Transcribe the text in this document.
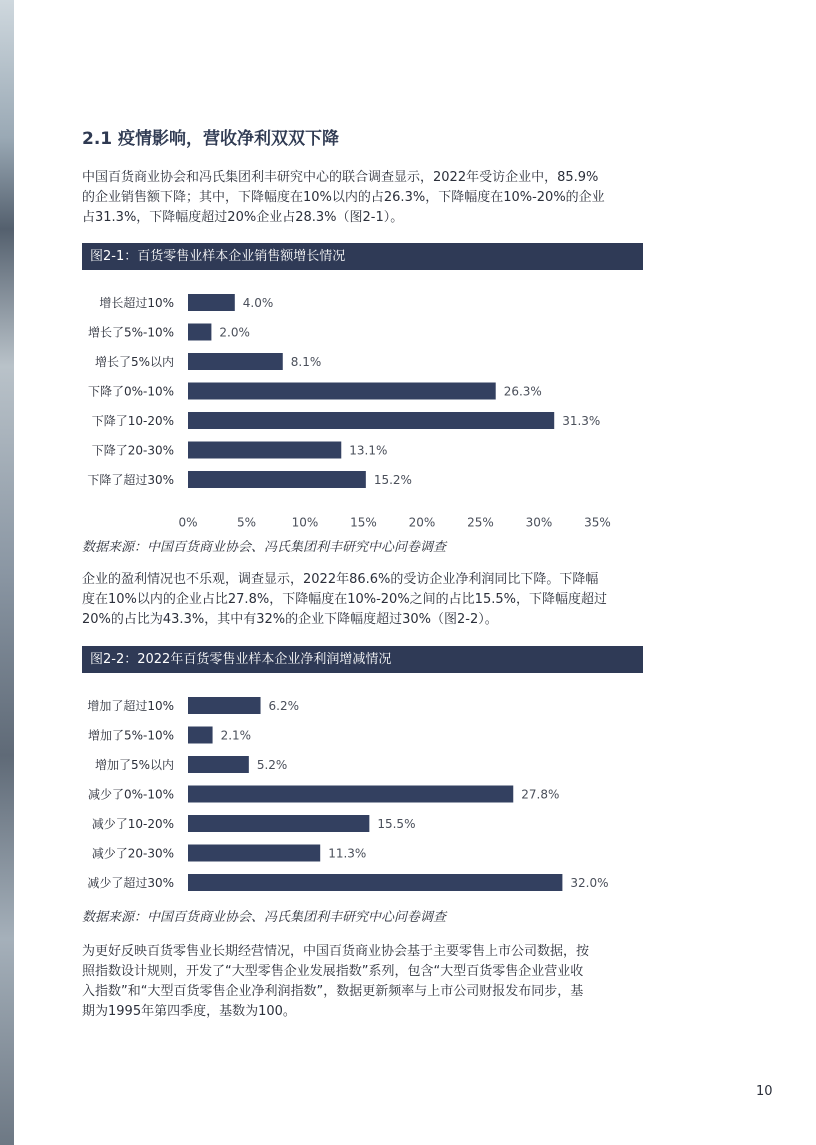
2.1 疫情影响，营收净利双双下降
中国百货商业协会和冯氏集团利丰研究中心的联合调查显示，2022年受访企业中，85.9%
的企业销售额下降；其中，下降幅度在10%以内的占26.3%，下降幅度在10%-20%的企业
占31.3%，下降幅度超过20%企业占28.3%（图2-1）。
图2-1：百货零售业样本企业销售额增长情况
增长超过10%	4.0%
增长了5%-10%	2.0%
增长了5%以内	8.1%
下降了0%-10%	26.3%
下降了10-20%	31.3%
下降了20-30%	13.1%
下降了超过30%	15.2%
0%	5%	10%	15%	20%	25%	30%	35%
数据来源：中国百货商业协会、冯氏集团利丰研究中心问卷调查
企业的盈利情况也不乐观，调查显示，2022年86.6%的受访企业净利润同比下降。下降幅
度在10%以内的企业占比27.8%，下降幅度在10%-20%之间的占比15.5%，下降幅度超过
20%的占比为43.3%，其中有32%的企业下降幅度超过30%（图2-2）。
图2-2：2022年百货零售业样本企业净利润增减情况
增加了超过10%	6.2%
增加了5%-10%	2.1%
增加了5%以内	5.2%
减少了0%-10%	27.8%
减少了10-20%	15.5%
减少了20-30%	11.3%
减少了超过30%	32.0%
数据来源：中国百货商业协会、冯氏集团利丰研究中心问卷调查
为更好反映百货零售业长期经营情况，中国百货商业协会基于主要零售上市公司数据，按
照指数设计规则，开发了“大型零售企业发展指数”系列，包含“大型百货零售企业营业收
入指数”和“大型百货零售企业净利润指数”，数据更新频率与上市公司财报发布同步，基
期为1995年第四季度，基数为100。
10
